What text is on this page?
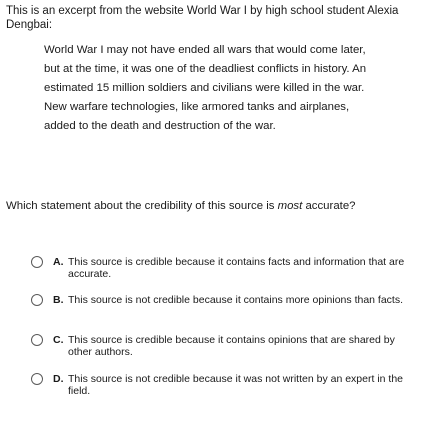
This is an excerpt from the website World War I by high school student Alexia Dengbai:

World War I may not have ended all wars that would come later, but at the time, it was one of the deadliest conflicts in history. An estimated 15 million soldiers and civilians were killed in the war. New warfare technologies, like armored tanks and airplanes, added to the death and destruction of the war.

Which statement about the credibility of this source is most accurate?

A. This source is credible because it contains facts and information that are accurate.
B. This source is not credible because it contains more opinions than facts.
C. This source is credible because it contains opinions that are shared by other authors.
D. This source is not credible because it was not written by an expert in the field.
